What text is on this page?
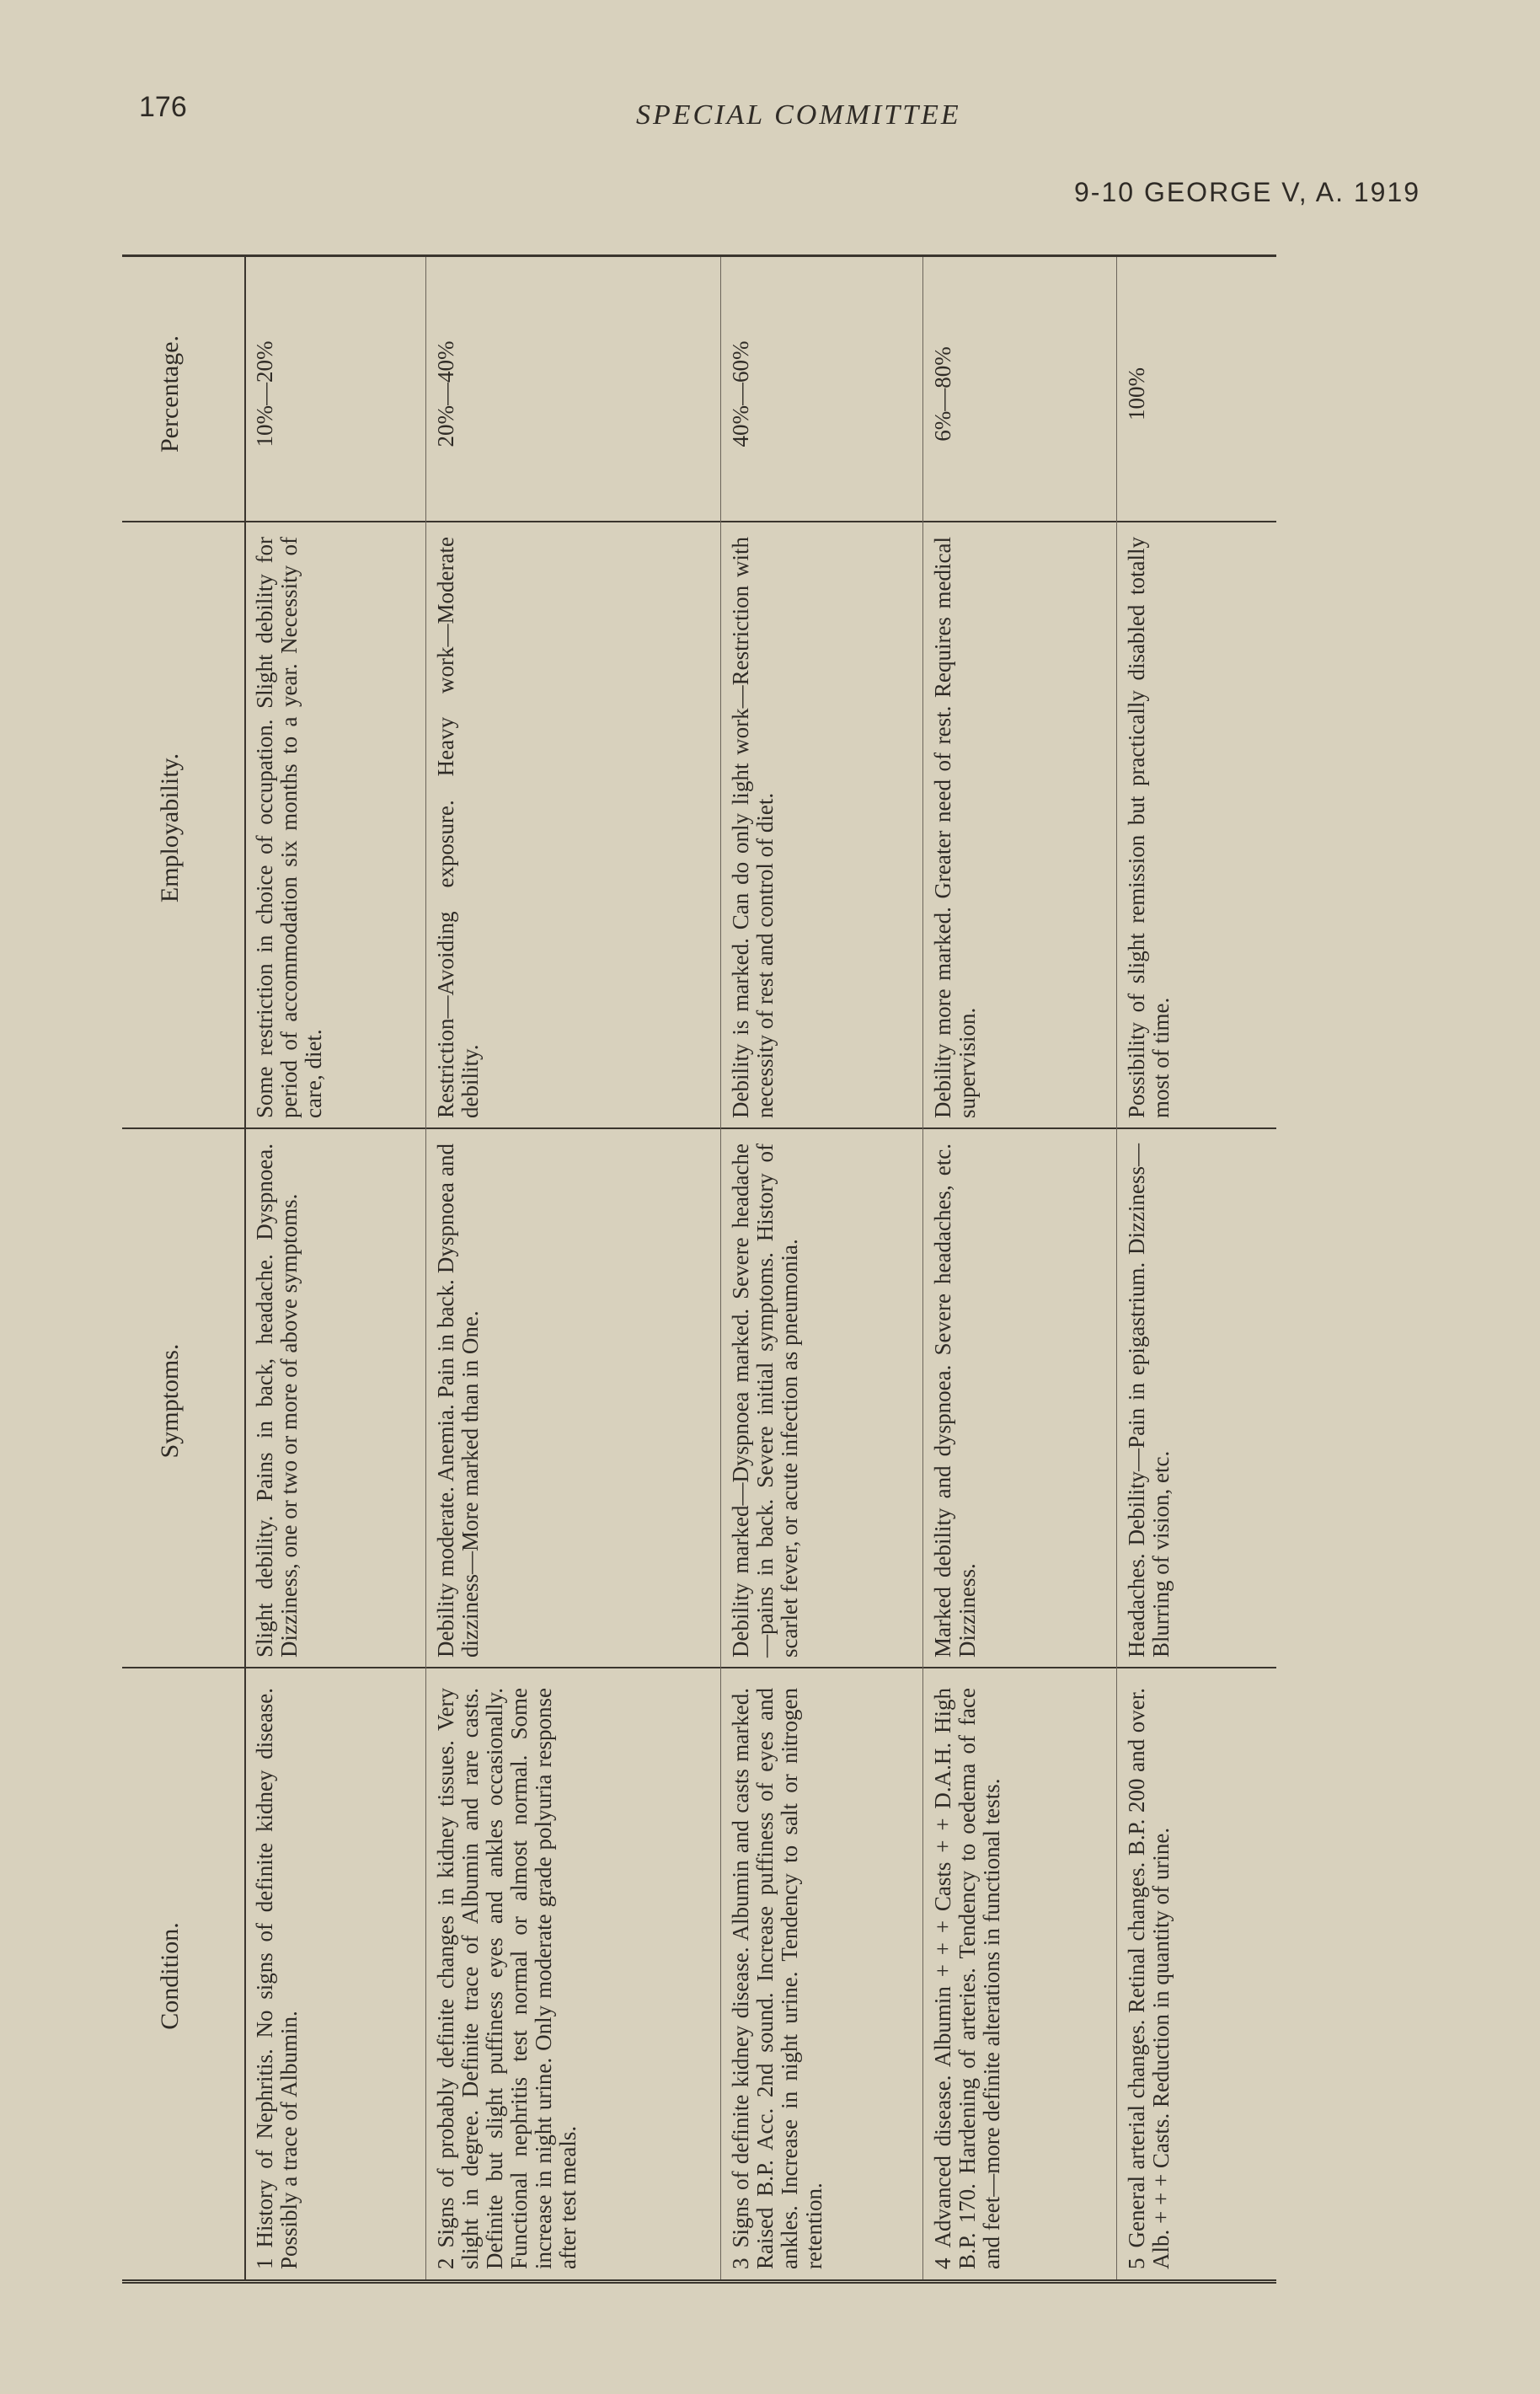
176	SPECIAL COMMITTEE
9-10 GEORGE V, A. 1919
Condition.
Symptoms.
Employability.
Percentage.
1History of Nephritis. No signs of definite kidney disease. Possibly a trace of Albumin.
Slight debility. Pains in back, headache. Dyspnoea. Dizziness, one or two or more of above symptoms.
Some restriction in choice of occupation. Slight debility for period of accommodation six months to a year. Necessity of care, diet.
10%—20%
2Signs of probably definite changes in kidney tissues. Very slight in degree. Definite trace of Albumin and rare casts. Definite but slight puffiness eyes and ankles occasionally. Functional nephritis test normal or almost normal. Some increase in night urine. Only moderate grade polyuria response after test meals.
Debility moderate. Anemia. Pain in back. Dyspnoea and dizziness—More marked than in One.
Restriction—Avoiding exposure. Heavy work—Moderate debility.
20%—40%
3Signs of definite kidney disease. Albumin and casts marked. Raised B.P. Acc. 2nd sound. Increase puffiness of eyes and ankles. Increase in night urine. Tendency to salt or nitrogen retention.
Debility marked—Dyspnoea marked. Severe headache—pains in back. Severe initial symptoms. History of scarlet fever, or acute infection as pneumonia.
Debility is marked. Can do only light work—Restriction with necessity of rest and control of diet.
40%—60%
4Advanced disease. Albumin + + + Casts + + D.A.H. High B.P. 170. Hardening of arteries. Tendency to oedema of face and feet—more definite alterations in functional tests.
Marked debility and dyspnoea. Severe headaches, etc. Dizziness.
Debility more marked. Greater need of rest. Requires medical supervision.
6%—80%
5General arterial changes. Retinal changes. B.P. 200 and over. Alb. + + + Casts. Reduction in quantity of urine.
Headaches. Debility—Pain in epigastrium. Dizziness—Blurring of vision, etc.
Possibility of slight remission but practically disabled totally most of time.
100%
